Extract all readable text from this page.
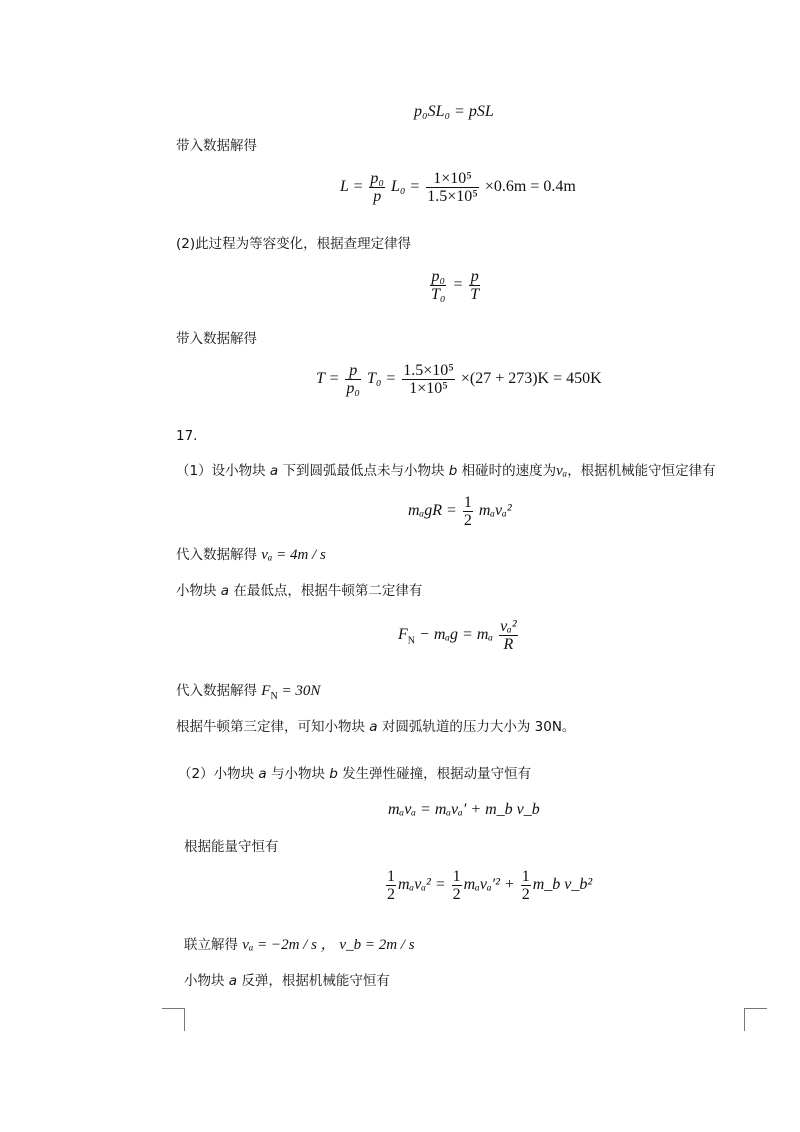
p₀SL₀ = pSL
带入数据解得
$L = \frac{\text{p₀}}{p} L_0 = \frac{\text{1×10⁵}}{\text{1.5×10⁵}} \times 0.6m = 0.4m$
(2)此过程为等容变化，根据查理定律得
$\frac{\text{p₀}}{\text{T₀}} = \frac{p}{T}$
带入数据解得
$T = \frac{p}{\text{p₀}} T_0 = \frac{\text{1.5×10⁵}}{\text{1×10⁵}} \times(27 + 273)K = 450K$
17.
（1）设小物块 a 下到圆弧最低点未与小物块 b 相碰时的速度为vₐ，根据机械能守恒定律有
$m_agR = \frac{1}{2} m_av_a^2$
代入数据解得 vₐ = 4m / s
小物块 a 在最低点，根据牛顿第二定律有
$F_N - m_ag = m_a \frac{\text{vₐ²}}{R}$
代入数据解得 $F_N = 30N$
根据牛顿第三定律，可知小物块 a 对圆弧轨道的压力大小为 30N。
（2）小物块 a 与小物块 b 发生弹性碰撞，根据动量守恒有
mₐvₐ = mₐvₐ′ + m_b v_b
根据能量守恒有
$\frac{1}{2} m_av_a^2 = \frac{1}{2} m_av_a'^2 + \frac{1}{2}$ m_b v_b²
联立解得 vₐ = −2m / s ， v_b = 2m / s
小物块 a 反弹，根据机械能守恒有
